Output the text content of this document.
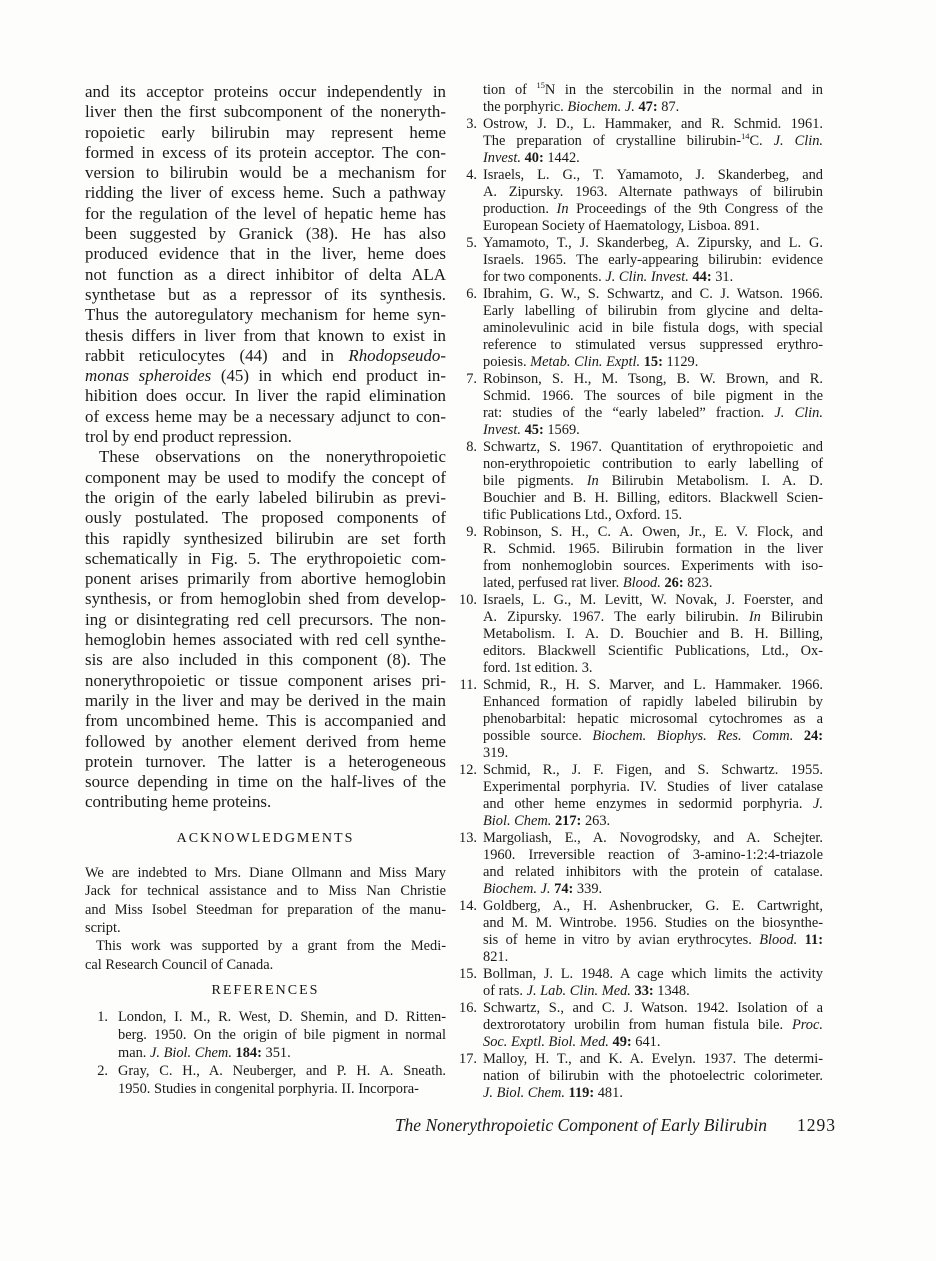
and its acceptor proteins occur independently in
liver then the first subcomponent of the noneryth-
ropoietic early bilirubin may represent heme
formed in excess of its protein acceptor. The con-
version to bilirubin would be a mechanism for
ridding the liver of excess heme. Such a pathway
for the regulation of the level of hepatic heme has
been suggested by Granick (38). He has also
produced evidence that in the liver, heme does
not function as a direct inhibitor of delta ALA
synthetase but as a repressor of its synthesis.
Thus the autoregulatory mechanism for heme syn-
thesis differs in liver from that known to exist in
rabbit reticulocytes (44) and in Rhodopseudo-
monas spheroides (45) in which end product in-
hibition does occur. In liver the rapid elimination
of excess heme may be a necessary adjunct to con-
trol by end product repression.
These observations on the nonerythropoietic
component may be used to modify the concept of
the origin of the early labeled bilirubin as previ-
ously postulated. The proposed components of
this rapidly synthesized bilirubin are set forth
schematically in Fig. 5. The erythropoietic com-
ponent arises primarily from abortive hemoglobin
synthesis, or from hemoglobin shed from develop-
ing or disintegrating red cell precursors. The non-
hemoglobin hemes associated with red cell synthe-
sis are also included in this component (8). The
nonerythropoietic or tissue component arises pri-
marily in the liver and may be derived in the main
from uncombined heme. This is accompanied and
followed by another element derived from heme
protein turnover. The latter is a heterogeneous
source depending in time on the half-lives of the
contributing heme proteins.
ACKNOWLEDGMENTS
We are indebted to Mrs. Diane Ollmann and Miss Mary
Jack for technical assistance and to Miss Nan Christie
and Miss Isobel Steedman for preparation of the manu-
script.
This work was supported by a grant from the Medi-
cal Research Council of Canada.
REFERENCES
1. London, I. M., R. West, D. Shemin, and D. Ritten-
berg. 1950. On the origin of bile pigment in normal
man. J. Biol. Chem. 184: 351.
2. Gray, C. H., A. Neuberger, and P. H. A. Sneath.
1950. Studies in congenital porphyria. II. Incorpora-
tion of $^{15}$N in the stercobilin in the normal and in
the porphyric. Biochem. J. 47: 87.
3. Ostrow, J. D., L. Hammaker, and R. Schmid. 1961.
The preparation of crystalline bilirubin-$^{14}$C. J. Clin.
Invest. 40: 1442.
4. Israels, L. G., T. Yamamoto, J. Skanderbeg, and
A. Zipursky. 1963. Alternate pathways of bilirubin
production. In Proceedings of the 9th Congress of the
European Society of Haematology, Lisboa. 891.
5. Yamamoto, T., J. Skanderbeg, A. Zipursky, and L. G.
Israels. 1965. The early-appearing bilirubin: evidence
for two components. J. Clin. Invest. 44: 31.
6. Ibrahim, G. W., S. Schwartz, and C. J. Watson. 1966.
Early labelling of bilirubin from glycine and delta-
aminolevulinic acid in bile fistula dogs, with special
reference to stimulated versus suppressed erythro-
poiesis. Metab. Clin. Exptl. 15: 1129.
7. Robinson, S. H., M. Tsong, B. W. Brown, and R.
Schmid. 1966. The sources of bile pigment in the
rat: studies of the “early labeled” fraction. J. Clin.
Invest. 45: 1569.
8. Schwartz, S. 1967. Quantitation of erythropoietic and
non-erythropoietic contribution to early labelling of
bile pigments. In Bilirubin Metabolism. I. A. D.
Bouchier and B. H. Billing, editors. Blackwell Scien-
tific Publications Ltd., Oxford. 15.
9. Robinson, S. H., C. A. Owen, Jr., E. V. Flock, and
R. Schmid. 1965. Bilirubin formation in the liver
from nonhemoglobin sources. Experiments with iso-
lated, perfused rat liver. Blood. 26: 823.
10. Israels, L. G., M. Levitt, W. Novak, J. Foerster, and
A. Zipursky. 1967. The early bilirubin. In Bilirubin
Metabolism. I. A. D. Bouchier and B. H. Billing,
editors. Blackwell Scientific Publications, Ltd., Ox-
ford. 1st edition. 3.
11. Schmid, R., H. S. Marver, and L. Hammaker. 1966.
Enhanced formation of rapidly labeled bilirubin by
phenobarbital: hepatic microsomal cytochromes as a
possible source. Biochem. Biophys. Res. Comm. 24:
319.
12. Schmid, R., J. F. Figen, and S. Schwartz. 1955.
Experimental porphyria. IV. Studies of liver catalase
and other heme enzymes in sedormid porphyria. J.
Biol. Chem. 217: 263.
13. Margoliash, E., A. Novogrodsky, and A. Schejter.
1960. Irreversible reaction of 3-amino-1:2:4-triazole
and related inhibitors with the protein of catalase.
Biochem. J. 74: 339.
14. Goldberg, A., H. Ashenbrucker, G. E. Cartwright,
and M. M. Wintrobe. 1956. Studies on the biosynthe-
sis of heme in vitro by avian erythrocytes. Blood. 11:
821.
15. Bollman, J. L. 1948. A cage which limits the activity
of rats. J. Lab. Clin. Med. 33: 1348.
16. Schwartz, S., and C. J. Watson. 1942. Isolation of a
dextrorotatory urobilin from human fistula bile. Proc.
Soc. Exptl. Biol. Med. 49: 641.
17. Malloy, H. T., and K. A. Evelyn. 1937. The determi-
nation of bilirubin with the photoelectric colorimeter.
J. Biol. Chem. 119: 481.
The Nonerythropoietic Component of Early Bilirubin 1293
